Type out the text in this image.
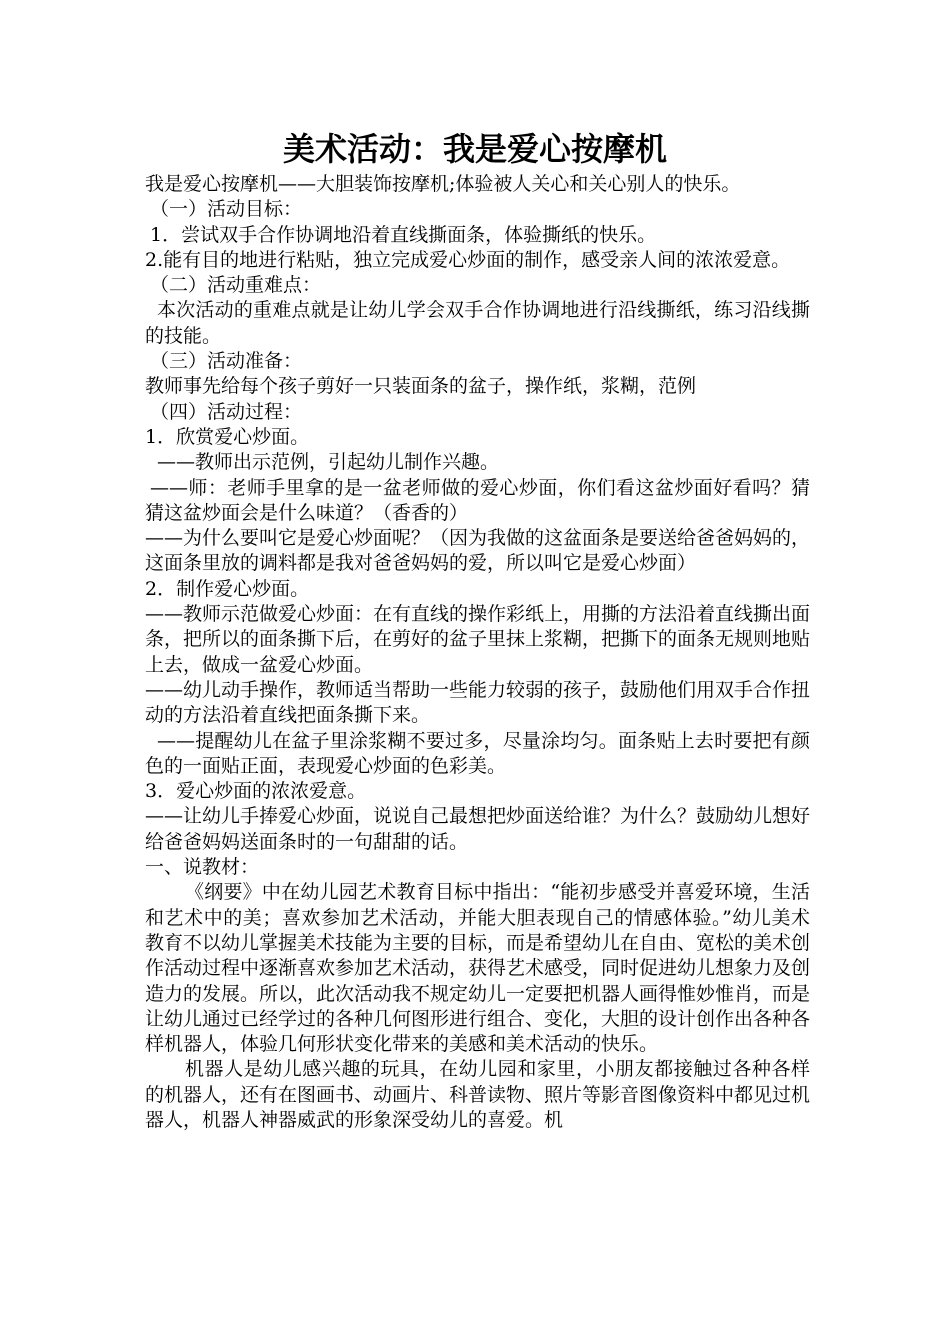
美术活动：我是爱心按摩机

我是爱心按摩机——大胆装饰按摩机;体验被人关心和关心别人的快乐。

（一）活动目标：

1．尝试双手合作协调地沿着直线撕面条，体验撕纸的快乐。

2.能有目的地进行粘贴，独立完成爱心炒面的制作，感受亲人间的浓浓爱意。

（二）活动重难点：

本次活动的重难点就是让幼儿学会双手合作协调地进行沿线撕纸，练习沿线撕的技能。

（三）活动准备：

教师事先给每个孩子剪好一只装面条的盆子，操作纸，浆糊，范例

（四）活动过程：

1．欣赏爱心炒面。

——教师出示范例，引起幼儿制作兴趣。

——师：老师手里拿的是一盆老师做的爱心炒面，你们看这盆炒面好看吗？猜猜这盆炒面会是什么味道？（香香的）

——为什么要叫它是爱心炒面呢？（因为我做的这盆面条是要送给爸爸妈妈的，这面条里放的调料都是我对爸爸妈妈的爱，所以叫它是爱心炒面）

2．制作爱心炒面。

——教师示范做爱心炒面：在有直线的操作彩纸上，用撕的方法沿着直线撕出面条，把所以的面条撕下后，在剪好的盆子里抹上浆糊，把撕下的面条无规则地贴上去，做成一盆爱心炒面。

——幼儿动手操作，教师适当帮助一些能力较弱的孩子，鼓励他们用双手合作扭动的方法沿着直线把面条撕下来。

——提醒幼儿在盆子里涂浆糊不要过多，尽量涂均匀。面条贴上去时要把有颜色的一面贴正面，表现爱心炒面的色彩美。

3．爱心炒面的浓浓爱意。

——让幼儿手捧爱心炒面，说说自己最想把炒面送给谁？为什么？鼓励幼儿想好给爸爸妈妈送面条时的一句甜甜的话。

一、说教材：

《纲要》中在幼儿园艺术教育目标中指出：“能初步感受并喜爱环境，生活和艺术中的美；喜欢参加艺术活动，并能大胆表现自己的情感体验。”幼儿美术教育不以幼儿掌握美术技能为主要的目标，而是希望幼儿在自由、宽松的美术创作活动过程中逐渐喜欢参加艺术活动，获得艺术感受，同时促进幼儿想象力及创造力的发展。所以，此次活动我不规定幼儿一定要把机器人画得惟妙惟肖，而是让幼儿通过已经学过的各种几何图形进行组合、变化，大胆的设计创作出各种各样机器人，体验几何形状变化带来的美感和美术活动的快乐。

机器人是幼儿感兴趣的玩具，在幼儿园和家里，小朋友都接触过各种各样的机器人，还有在图画书、动画片、科普读物、照片等影音图像资料中都见过机器人，机器人神器威武的形象深受幼儿的喜爱。机
